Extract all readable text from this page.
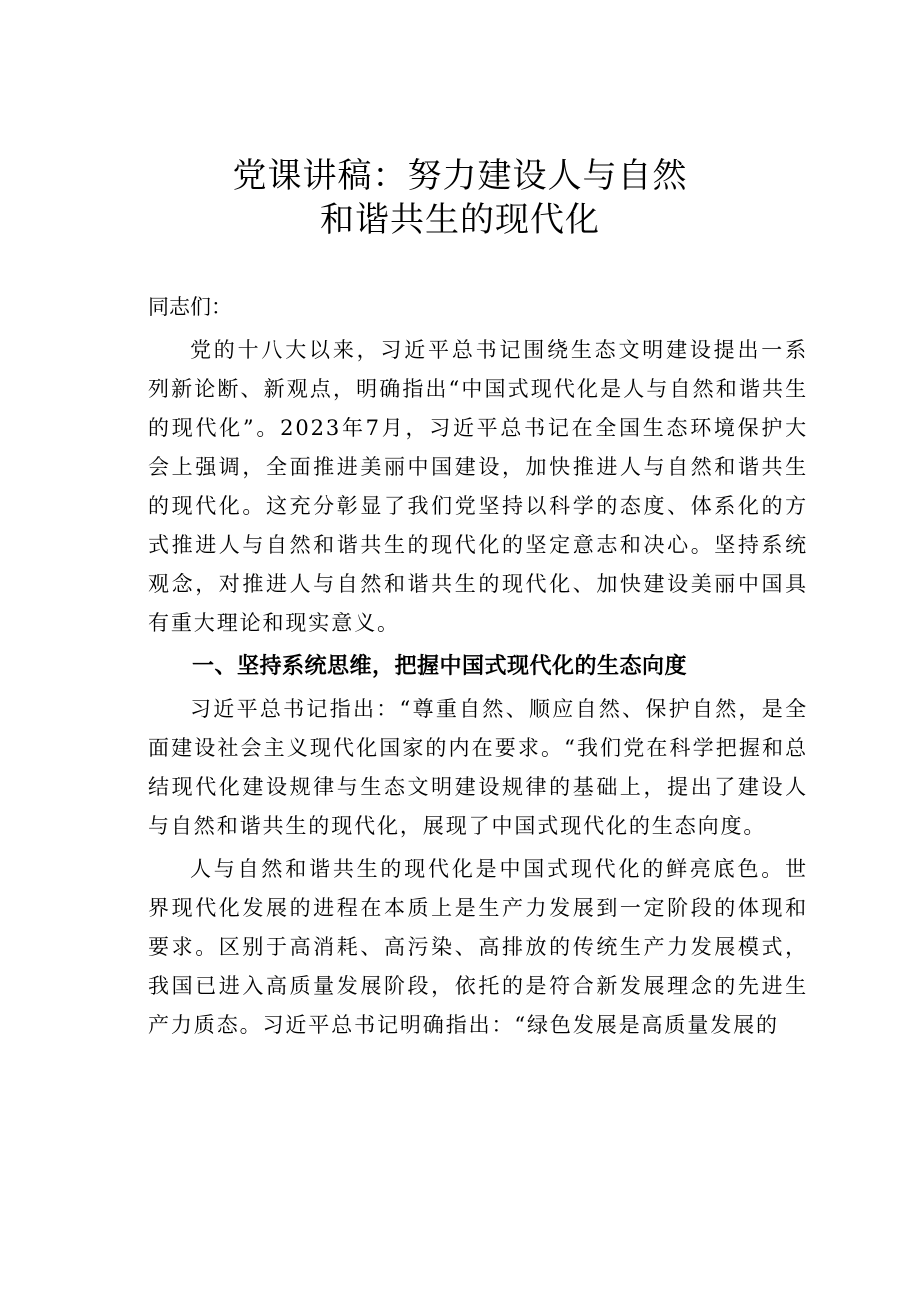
党课讲稿：努力建设人与自然
和谐共生的现代化

同志们：

党的十八大以来，习近平总书记围绕生态文明建设提出一系列新论断、新观点，明确指出“中国式现代化是人与自然和谐共生的现代化”。2023年7月，习近平总书记在全国生态环境保护大会上强调，全面推进美丽中国建设，加快推进人与自然和谐共生的现代化。这充分彰显了我们党坚持以科学的态度、体系化的方式推进人与自然和谐共生的现代化的坚定意志和决心。坚持系统观念，对推进人与自然和谐共生的现代化、加快建设美丽中国具有重大理论和现实意义。

一、坚持系统思维，把握中国式现代化的生态向度

习近平总书记指出：“尊重自然、顺应自然、保护自然，是全面建设社会主义现代化国家的内在要求。“我们党在科学把握和总结现代化建设规律与生态文明建设规律的基础上，提出了建设人与自然和谐共生的现代化，展现了中国式现代化的生态向度。

人与自然和谐共生的现代化是中国式现代化的鲜亮底色。世界现代化发展的进程在本质上是生产力发展到一定阶段的体现和要求。区别于高消耗、高污染、高排放的传统生产力发展模式，我国已进入高质量发展阶段，依托的是符合新发展理念的先进生产力质态。习近平总书记明确指出：“绿色发展是高质量发展的
